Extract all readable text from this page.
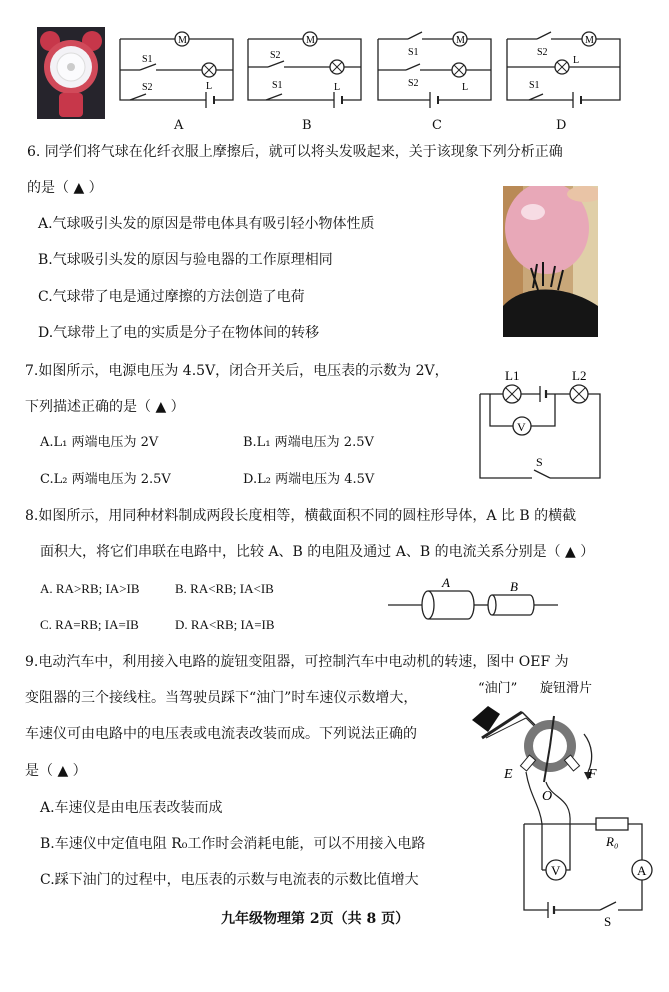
M
S1
L
S2
M
S2
S1	L
M
S1
S2	L
M
S2
L
S1
A	B	C	D
6. 同学们将气球在化纤衣服上摩擦后，就可以将头发吸起来，关于该现象下列分析正确
的是（ ▲ ）
A.气球吸引头发的原因是带电体具有吸引轻小物体性质
B.气球吸引头发的原因与验电器的工作原理相同
C.气球带了电是通过摩擦的方法创造了电荷
D.气球带上了电的实质是分子在物体间的转移
7.如图所示，电源电压为 4.5V，闭合开关后，电压表的示数为 2V，
下列描述正确的是（ ▲ ）
A.L₁ 两端电压为 2V	B.L₁ 两端电压为 2.5V
C.L₂ 两端电压为 2.5V	D.L₂ 两端电压为 4.5V
V
L1	L2
S
8.如图所示，用同种材料制成两段长度相等，横截面积不同的圆柱形导体，A 比 B 的横截
面积大，将它们串联在电路中，比较 A、B 的电阻及通过 A、B 的电流关系分别是（ ▲ ）
A. RA>RB; IA>IB	B. RA<RB; IA<IB
C. RA=RB; IA=IB	D. RA<RB; IA=IB
A	B
9.电动汽车中，利用接入电路的旋钮变阻器，可控制汽车中电动机的转速，图中 OEF 为
变阻器的三个接线柱。当驾驶员踩下“油门”时车速仪示数增大，
车速仪可由电路中的电压表或电流表改装而成。下列说法正确的
是（ ▲ ）
A.车速仪是由电压表改装而成
B.车速仪中定值电阻 R₀工作时会消耗电能，可以不用接入电路
C.踩下油门的过程中，电压表的示数与电流表的示数比值增大
“油门” 旋钮滑片
E
O
F
R₀
A
V
S
九年级物理第 2页（共 8 页）
